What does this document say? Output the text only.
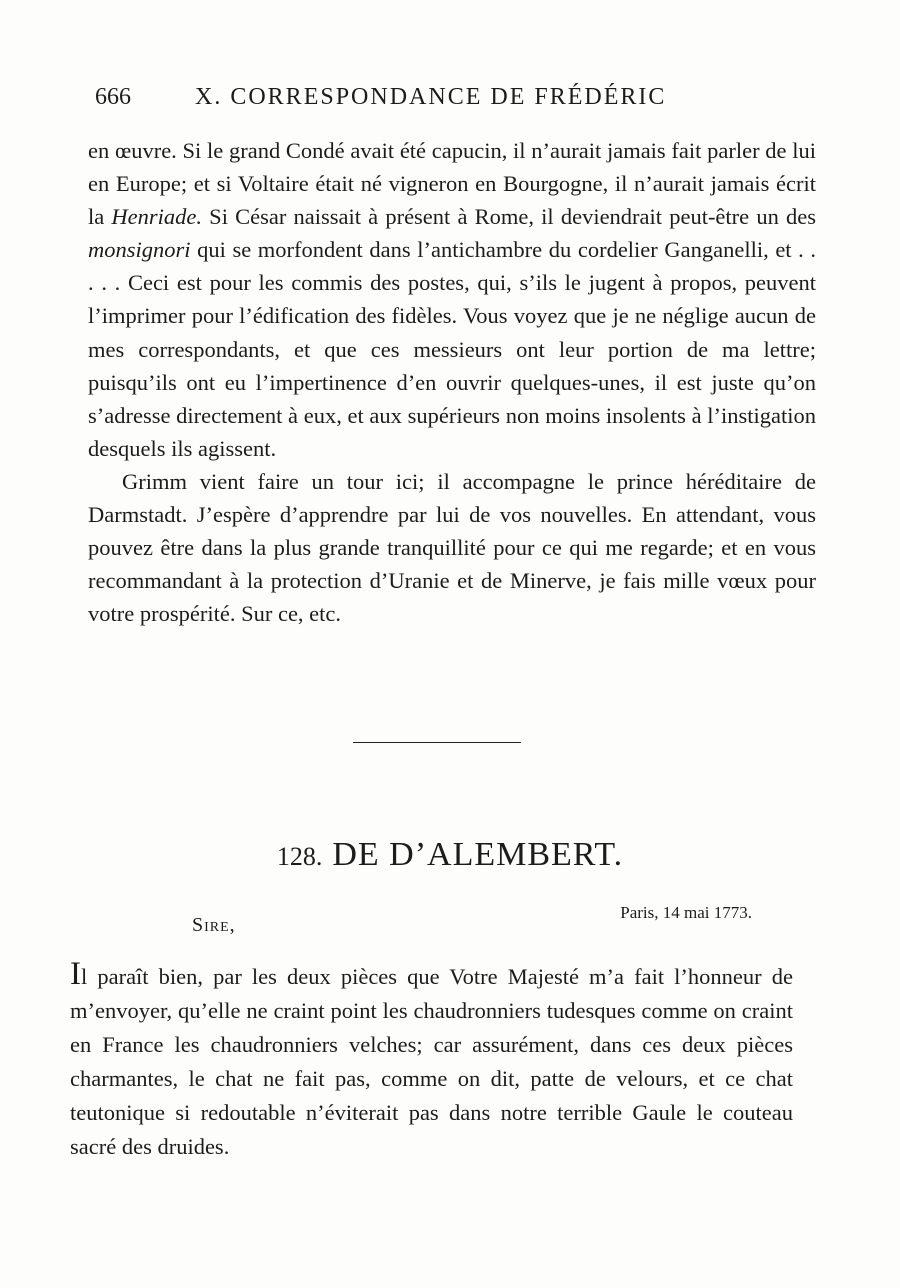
666	X. CORRESPONDANCE DE FRÉDÉRIC

en œuvre. Si le grand Condé avait été capucin, il n’aurait jamais fait parler de lui en Europe; et si Voltaire était né vigneron en Bourgogne, il n’aurait jamais écrit la Henriade. Si César naissait à présent à Rome, il deviendrait peut-être un des monsignori qui se morfondent dans l’antichambre du cordelier Ganganelli, et . . . . . Ceci est pour les commis des postes, qui, s’ils le jugent à propos, peuvent l’imprimer pour l’édification des fidèles. Vous voyez que je ne néglige aucun de mes correspondants, et que ces messieurs ont leur portion de ma lettre; puisqu’ils ont eu l’impertinence d’en ouvrir quelques-unes, il est juste qu’on s’adresse directement à eux, et aux supérieurs non moins insolents à l’instigation desquels ils agissent.

Grimm vient faire un tour ici; il accompagne le prince héréditaire de Darmstadt. J’espère d’apprendre par lui de vos nouvelles. En attendant, vous pouvez être dans la plus grande tranquillité pour ce qui me regarde; et en vous recommandant à la protection d’Uranie et de Minerve, je fais mille vœux pour votre prospérité. Sur ce, etc.

128. DE D’ALEMBERT.
Paris, 14 mai 1773.
Sire,

Il paraît bien, par les deux pièces que Votre Majesté m’a fait l’honneur de m’envoyer, qu’elle ne craint point les chaudronniers tudesques comme on craint en France les chaudronniers velches; car assurément, dans ces deux pièces charmantes, le chat ne fait pas, comme on dit, patte de velours, et ce chat teutonique si redoutable n’éviterait pas dans notre terrible Gaule le couteau sacré des druides.
